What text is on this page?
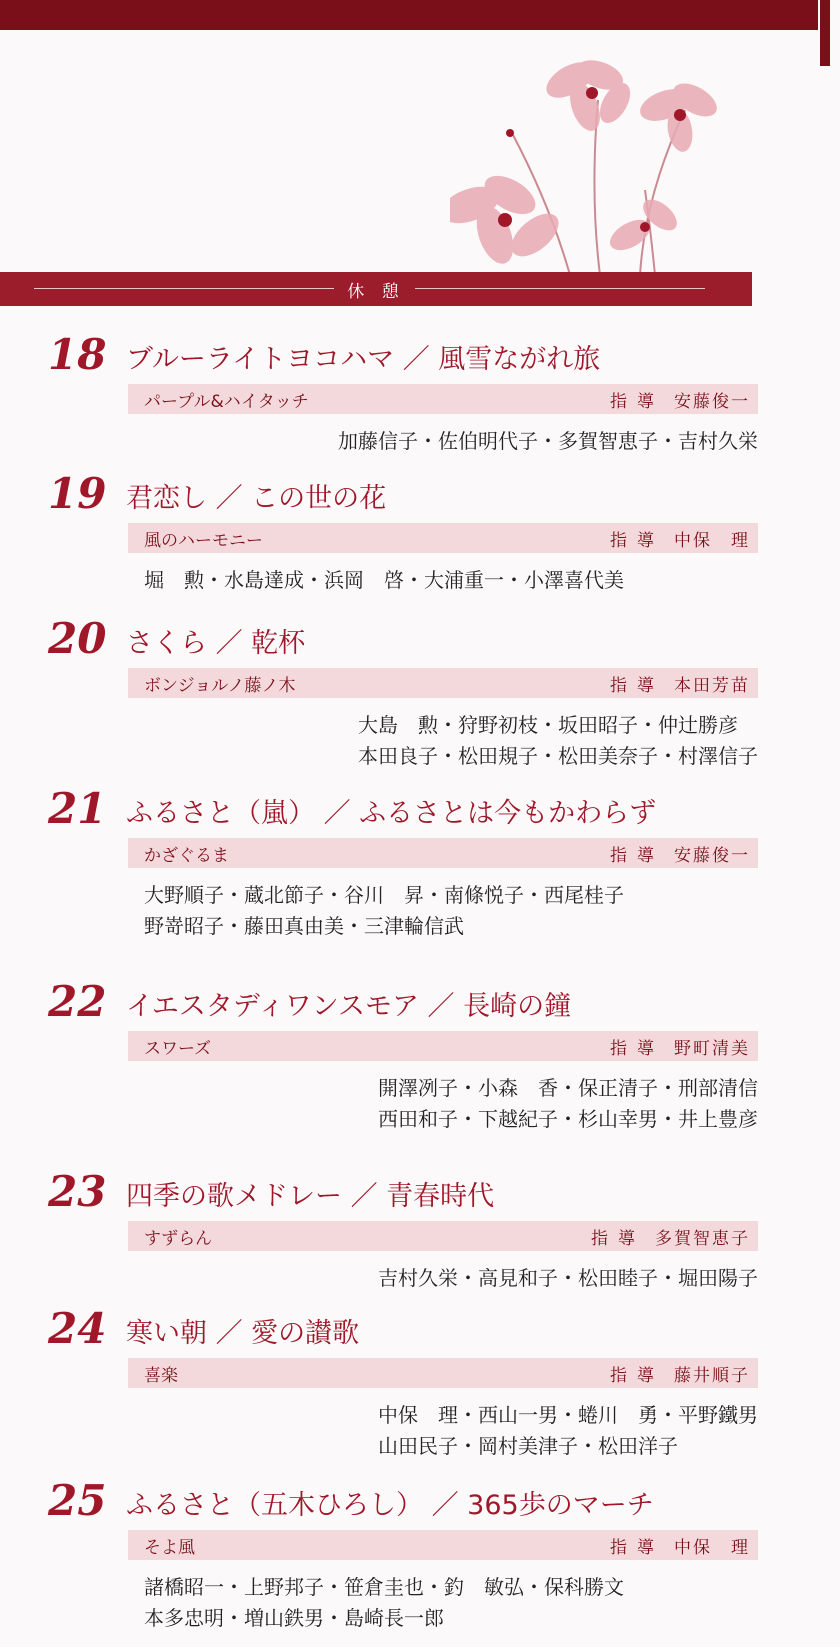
休 憩
18 ブルーライトヨコハマ ／ 風雪ながれ旅
パープル&ハイタッチ	指導 安藤俊一
加藤信子・佐伯明代子・多賀智恵子・吉村久栄
19 君恋し ／ この世の花
風のハーモニー	指導 中保　理
堀　勲・水島達成・浜岡　啓・大浦重一・小澤喜代美
20 さくら ／ 乾杯
ボンジョルノ藤ノ木	指導 本田芳苗
大島　勲・狩野初枝・坂田昭子・仲辻勝彦
本田良子・松田規子・松田美奈子・村澤信子
21 ふるさと（嵐） ／ ふるさとは今もかわらず
かざぐるま	指導 安藤俊一
大野順子・蔵北節子・谷川　昇・南條悦子・西尾桂子
野嵜昭子・藤田真由美・三津輪信武
22 イエスタディワンスモア ／ 長崎の鐘
スワーズ	指導 野町清美
開澤冽子・小森　香・保正清子・刑部清信
西田和子・下越紀子・杉山幸男・井上豊彦
23 四季の歌メドレー ／ 青春時代
すずらん	指導 多賀智恵子
吉村久栄・高見和子・松田睦子・堀田陽子
24 寒い朝 ／ 愛の讃歌
喜楽	指導 藤井順子
中保　理・西山一男・蜷川　勇・平野鐵男
山田民子・岡村美津子・松田洋子
25 ふるさと（五木ひろし） ／ 365歩のマーチ
そよ風	指導 中保　理
諸橋昭一・上野邦子・笹倉圭也・釣　敏弘・保科勝文
本多忠明・増山鉄男・島崎長一郎
